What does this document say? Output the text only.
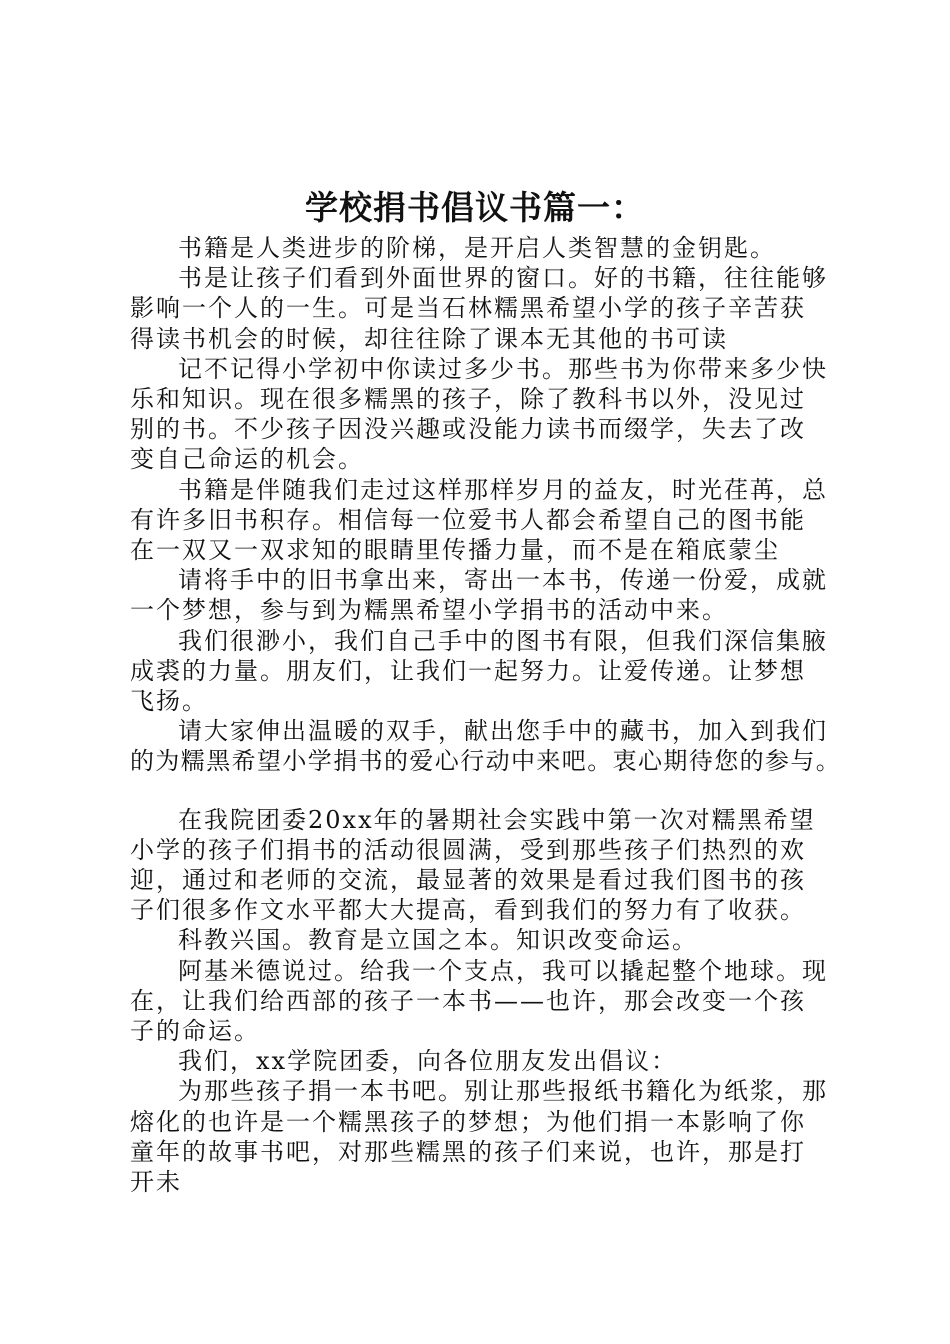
学校捐书倡议书篇一：

书籍是人类进步的阶梯，是开启人类智慧的金钥匙。

书是让孩子们看到外面世界的窗口。好的书籍，往往能够影响一个人的一生。可是当石林糯黑希望小学的孩子辛苦获得读书机会的时候，却往往除了课本无其他的书可读

记不记得小学初中你读过多少书。那些书为你带来多少快乐和知识。现在很多糯黑的孩子，除了教科书以外，没见过别的书。不少孩子因没兴趣或没能力读书而缀学，失去了改变自己命运的机会。

书籍是伴随我们走过这样那样岁月的益友，时光荏苒，总有许多旧书积存。相信每一位爱书人都会希望自己的图书能在一双又一双求知的眼睛里传播力量，而不是在箱底蒙尘

请将手中的旧书拿出来，寄出一本书，传递一份爱，成就一个梦想，参与到为糯黑希望小学捐书的活动中来。

我们很渺小，我们自己手中的图书有限，但我们深信集腋成裘的力量。朋友们，让我们一起努力。让爱传递。让梦想飞扬。

请大家伸出温暖的双手，献出您手中的藏书，加入到我们

的为糯黑希望小学捐书的爱心行动中来吧。衷心期待您的参与。

在我院团委20xx年的暑期社会实践中第一次对糯黑希望小学的孩子们捐书的活动很圆满，受到那些孩子们热烈的欢迎，通过和老师的交流，最显著的效果是看过我们图书的孩子们很多作文水平都大大提高，看到我们的努力有了收获。

科教兴国。教育是立国之本。知识改变命运。

阿基米德说过。给我一个支点，我可以撬起整个地球。现在，让我们给西部的孩子一本书——也许，那会改变一个孩子的命运。

我们，xx学院团委，向各位朋友发出倡议：

为那些孩子捐一本书吧。别让那些报纸书籍化为纸浆，那熔化的也许是一个糯黑孩子的梦想；为他们捐一本影响了你童年的故事书吧，对那些糯黑的孩子们来说，也许，那是打开未
